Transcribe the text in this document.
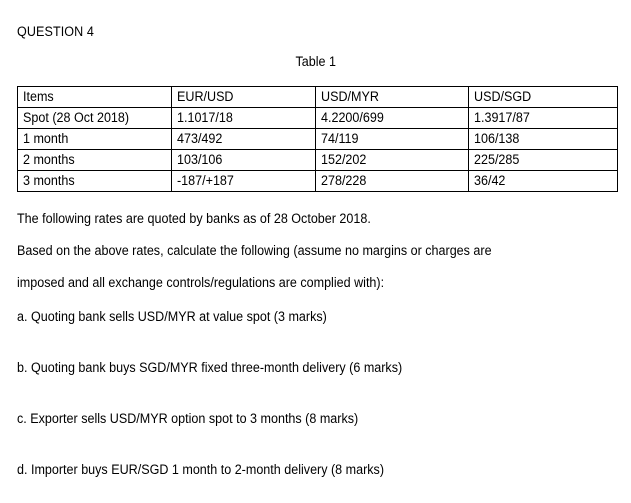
QUESTION 4
Table 1
Items	EUR/USD	USD/MYR	USD/SGD
Spot (28 Oct 2018)	1.1017/18	4.2200/699	1.3917/87
1 month	473/492	74/119	106/138
2 months	103/106	152/202	225/285
3 months	-187/+187	278/228	36/42
The following rates are quoted by banks as of 28 October 2018.
Based on the above rates, calculate the following (assume no margins or charges are
imposed and all exchange controls/regulations are complied with):
a. Quoting bank sells USD/MYR at value spot (3 marks)
b. Quoting bank buys SGD/MYR fixed three-month delivery (6 marks)
c. Exporter sells USD/MYR option spot to 3 months (8 marks)
d. Importer buys EUR/SGD 1 month to 2-month delivery (8 marks)
